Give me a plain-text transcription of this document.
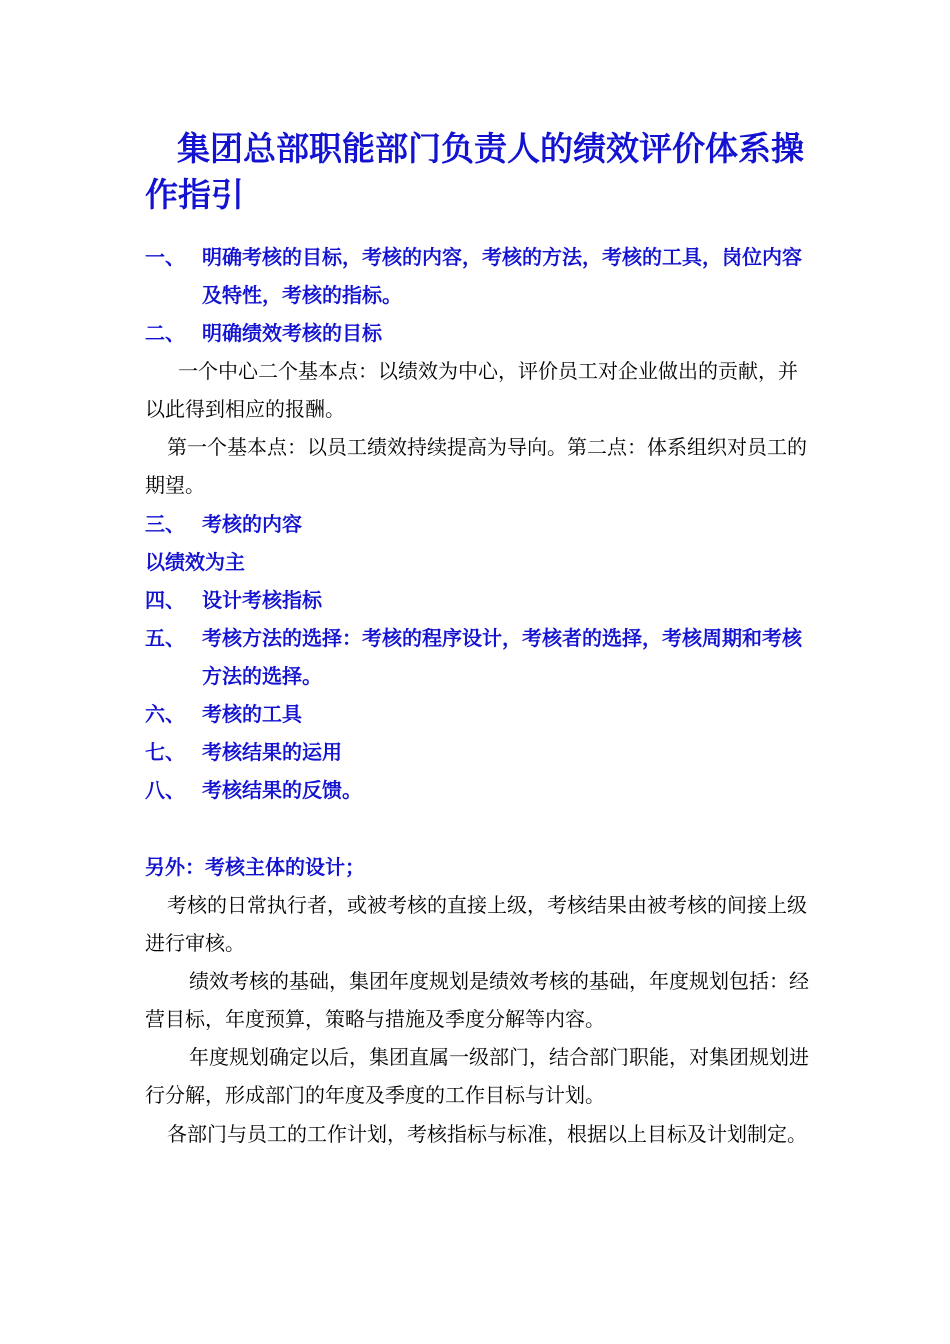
集团总部职能部门负责人的绩效评价体系操作指引
一、 明确考核的目标，考核的内容，考核的方法，考核的工具，岗位内容及特性，考核的指标。
二、 明确绩效考核的目标

一个中心二个基本点：以绩效为中心，评价员工对企业做出的贡献，并以此得到相应的报酬。

第一个基本点：以员工绩效持续提高为导向。第二点：体系组织对员工的期望。

三、 考核的内容
以绩效为主
四、 设计考核指标
五、 考核方法的选择：考核的程序设计，考核者的选择，考核周期和考核方法的选择。
六、 考核的工具
七、 考核结果的运用
八、 考核结果的反馈。
另外：考核主体的设计；

考核的日常执行者，或被考核的直接上级，考核结果由被考核的间接上级进行审核。

绩效考核的基础，集团年度规划是绩效考核的基础，年度规划包括：经营目标，年度预算，策略与措施及季度分解等内容。

年度规划确定以后，集团直属一级部门，结合部门职能，对集团规划进行分解，形成部门的年度及季度的工作目标与计划。

各部门与员工的工作计划，考核指标与标准，根据以上目标及计划制定。
